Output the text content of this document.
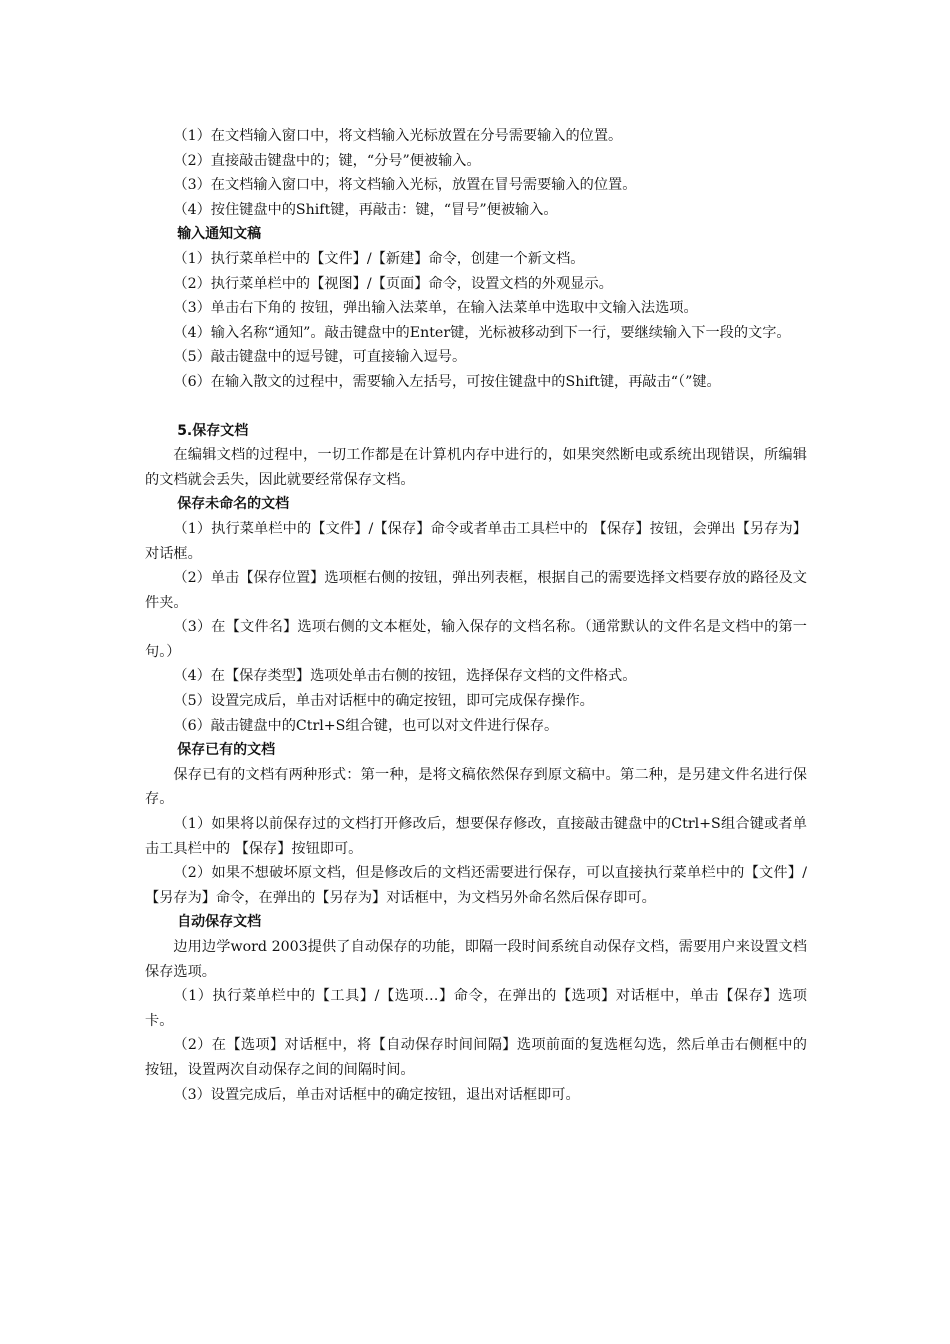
（1）在文档输入窗口中，将文档输入光标放置在分号需要输入的位置。
（2）直接敲击键盘中的；键，“分号”便被输入。
（3）在文档输入窗口中，将文档输入光标，放置在冒号需要输入的位置。
（4）按住键盘中的Shift键，再敲击：键，“冒号”便被输入。
输入通知文稿
（1）执行菜单栏中的【文件】/【新建】命令，创建一个新文档。
（2）执行菜单栏中的【视图】/【页面】命令，设置文档的外观显示。
（3）单击右下角的 按钮，弹出输入法菜单，在输入法菜单中选取中文输入法选项。
（4）输入名称“通知”。敲击键盘中的Enter键，光标被移动到下一行，要继续输入下一段的文字。
（5）敲击键盘中的逗号键，可直接输入逗号。
（6）在输入散文的过程中，需要输入左括号，可按住键盘中的Shift键，再敲击“（”键。
5.保存文档
在编辑文档的过程中，一切工作都是在计算机内存中进行的，如果突然断电或系统出现错误，所编辑的文档就会丢失，因此就要经常保存文档。
保存未命名的文档
（1）执行菜单栏中的【文件】/【保存】命令或者单击工具栏中的 【保存】按钮，会弹出【另存为】对话框。
（2）单击【保存位置】选项框右侧的按钮，弹出列表框，根据自己的需要选择文档要存放的路径及文件夹。
（3）在【文件名】选项右侧的文本框处，输入保存的文档名称。（通常默认的文件名是文档中的第一句。）
（4）在【保存类型】选项处单击右侧的按钮，选择保存文档的文件格式。
（5）设置完成后，单击对话框中的确定按钮，即可完成保存操作。
（6）敲击键盘中的Ctrl+S组合键，也可以对文件进行保存。
保存已有的文档
保存已有的文档有两种形式：第一种，是将文稿依然保存到原文稿中。第二种，是另建文件名进行保存。
（1）如果将以前保存过的文档打开修改后，想要保存修改，直接敲击键盘中的Ctrl+S组合键或者单击工具栏中的 【保存】按钮即可。
（2）如果不想破坏原文档，但是修改后的文档还需要进行保存，可以直接执行菜单栏中的【文件】/【另存为】命令，在弹出的【另存为】对话框中，为文档另外命名然后保存即可。
自动保存文档
边用边学word 2003提供了自动保存的功能，即隔一段时间系统自动保存文档，需要用户来设置文档保存选项。
（1）执行菜单栏中的【工具】/【选项…】命令，在弹出的【选项】对话框中，单击【保存】选项卡。
（2）在【选项】对话框中，将【自动保存时间间隔】选项前面的复选框勾选，然后单击右侧框中的 按钮，设置两次自动保存之间的间隔时间。
（3）设置完成后，单击对话框中的确定按钮，退出对话框即可。
